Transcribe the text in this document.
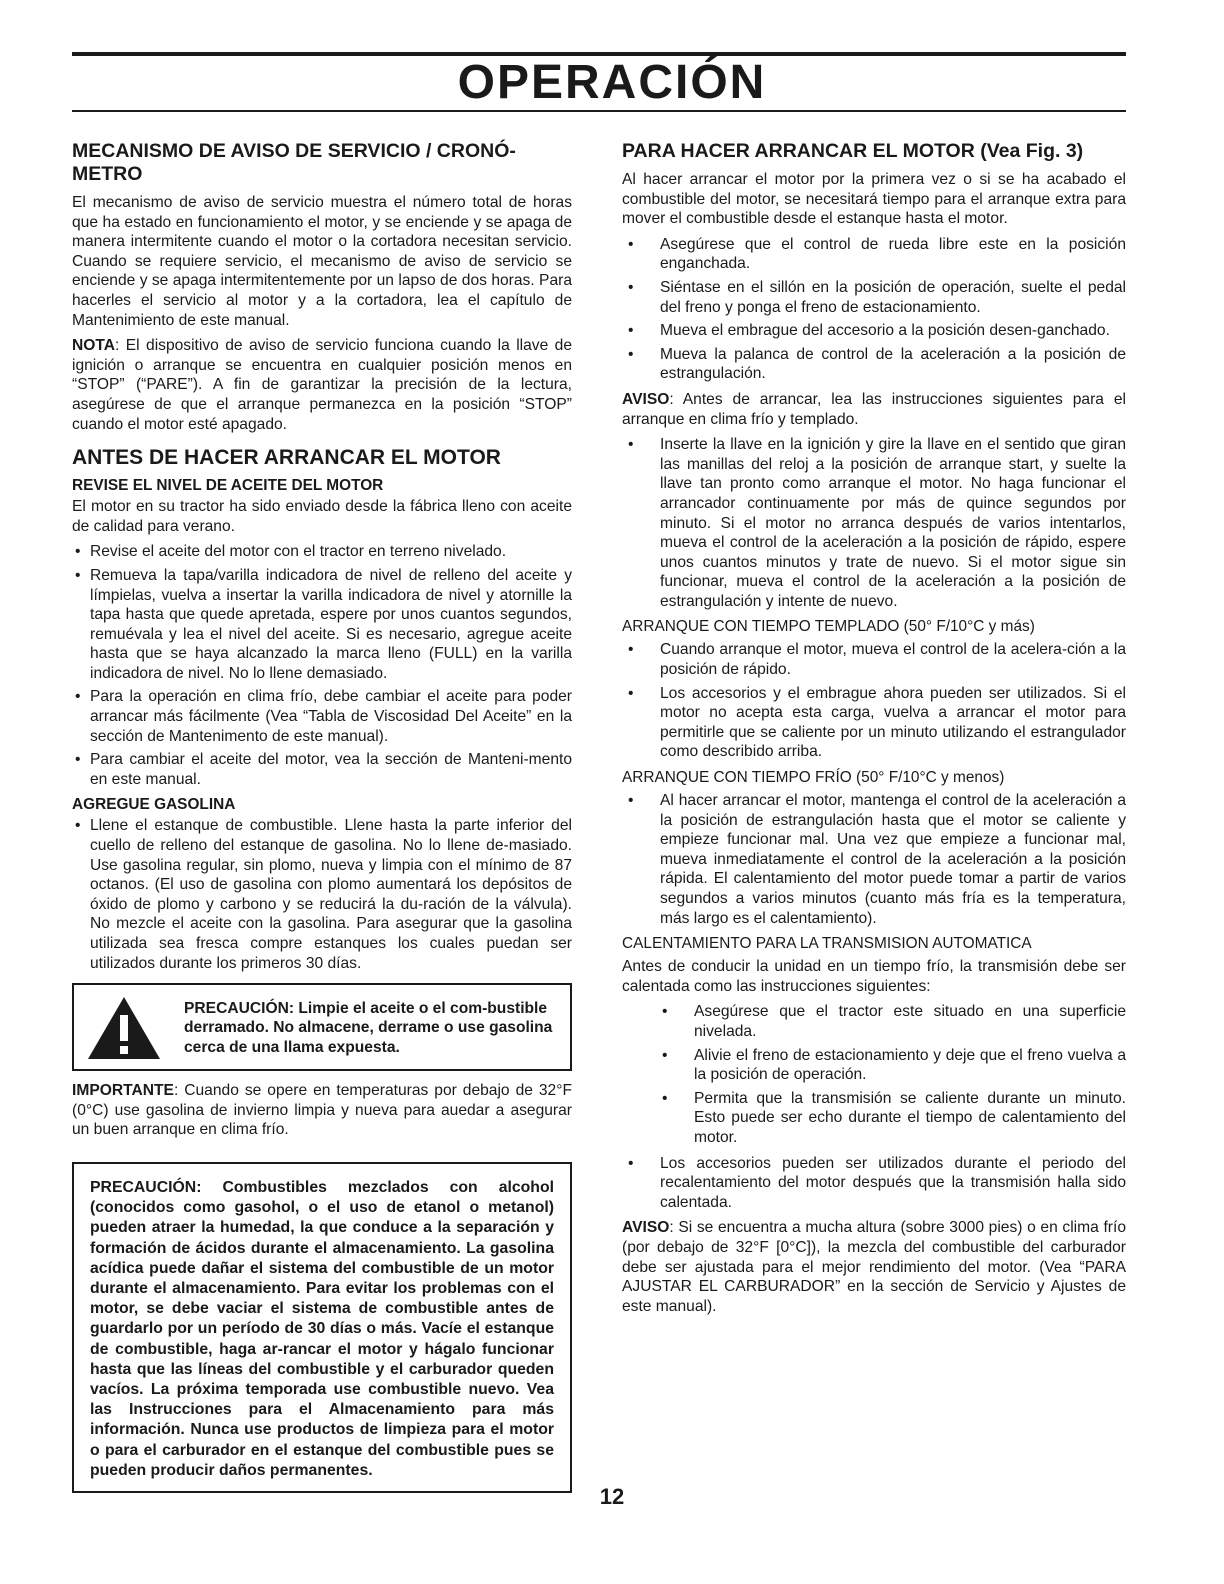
OPERACIÓN
MECANISMO DE AVISO DE SERVICIO / CRONÓ-METRO

El mecanismo de aviso de servicio muestra el número total de horas que ha estado en funcionamiento el motor, y se enciende y se apaga de manera intermitente cuando el motor o la cortadora necesitan servicio. Cuando se requiere servicio, el mecanismo de aviso de servicio se enciende y se apaga intermitentemente por un lapso de dos horas. Para hacerles el servicio al motor y a la cortadora, lea el capítulo de Mantenimiento de este manual.

NOTA: El dispositivo de aviso de servicio funciona cuando la llave de ignición o arranque se encuentra en cualquier posición menos en “STOP” (“PARE”). A fin de garantizar la precisión de la lectura, asegúrese de que el arranque permanezca en la posición “STOP” cuando el motor esté apagado.

ANTES DE HACER ARRANCAR EL MOTOR
REVISE EL NIVEL DE ACEITE DEL MOTOR

El motor en su tractor ha sido enviado desde la fábrica lleno con aceite de calidad para verano.

• Revise el aceite del motor con el tractor en terreno nivelado.
• Remueva la tapa/varilla indicadora de nivel de relleno del aceite y límpielas, vuelva a insertar la varilla indicadora de nivel y atornille la tapa hasta que quede apretada, espere por unos cuantos segundos, remuévala y lea el nivel del aceite. Si es necesario, agregue aceite hasta que se haya alcanzado la marca lleno (FULL) en la varilla indicadora de nivel. No lo llene demasiado.
• Para la operación en clima frío, debe cambiar el aceite para poder arrancar más fácilmente (Vea “Tabla de Viscosidad Del Aceite” en la sección de Mantenimento de este manual).
• Para cambiar el aceite del motor, vea la sección de Manteni-mento en este manual.
AGREGUE GASOLINA
• Llene el estanque de combustible. Llene hasta la parte inferior del cuello de relleno del estanque de gasolina. No lo llene de-masiado. Use gasolina regular, sin plomo, nueva y limpia con el mínimo de 87 octanos. (El uso de gasolina con plomo aumentará los depósitos de óxido de plomo y carbono y se reducirá la du-ración de la válvula). No mezcle el aceite con la gasolina. Para asegurar que la gasolina utilizada sea fresca compre estanques los cuales puedan ser utilizados durante los primeros 30 días.
PRECAUCIÓN: Limpie el aceite o el com-bustible derramado. No almacene, derrame o use gasolina cerca de una llama expuesta.

IMPORTANTE: Cuando se opere en temperaturas por debajo de 32°F (0°C) use gasolina de invierno limpia y nueva para auedar a asegurar un buen arranque en clima frío.

PRECAUCIÓN: Combustibles mezclados con alcohol (conocidos como gasohol, o el uso de etanol o metanol) pueden atraer la humedad, la que conduce a la separación y formación de ácidos durante el almacenamiento. La gasolina acídica puede dañar el sistema del combustible de un motor durante el almacenamiento. Para evitar los problemas con el motor, se debe vaciar el sistema de combustible antes de guardarlo por un período de 30 días o más. Vacíe el estanque de combustible, haga ar-rancar el motor y hágalo funcionar hasta que las líneas del combustible y el carburador queden vacíos. La próxima temporada use combustible nuevo. Vea las Instrucciones para el Almacenamiento para más información. Nunca use productos de limpieza para el motor o para el carburador en el estanque del combustible pues se pueden producir daños permanentes.
PARA HACER ARRANCAR EL MOTOR (Vea Fig. 3)

Al hacer arrancar el motor por la primera vez o si se ha acabado el combustible del motor, se necesitará tiempo para el arranque extra para mover el combustible desde el estanque hasta el motor.

• Asegúrese que el control de rueda libre este en la posición enganchada.
• Siéntase en el sillón en la posición de operación, suelte el pedal del freno y ponga el freno de estacionamiento.
• Mueva el embrague del accesorio a la posición desen-ganchado.
• Mueva la palanca de control de la aceleración a la posición de estrangulación.

AVISO: Antes de arrancar, lea las instrucciones siguientes para el arranque en clima frío y templado.

• Inserte la llave en la ignición y gire la llave en el sentido que giran las manillas del reloj a la posición de arranque start, y suelte la llave tan pronto como arranque el motor. No haga funcionar el arrancador continuamente por más de quince segundos por minuto. Si el motor no arranca después de varios intentarlos, mueva el control de la aceleración a la posición de rápido, espere unos cuantos minutos y trate de nuevo. Si el motor sigue sin funcionar, mueva el control de la aceleración a la posición de estrangulación y intente de nuevo.
ARRANQUE CON TIEMPO TEMPLADO (50° F/10°C y más)
• Cuando arranque el motor, mueva el control de la acelera-ción a la posición de rápido.
• Los accesorios y el embrague ahora pueden ser utilizados. Si el motor no acepta esta carga, vuelva a arrancar el motor para permitirle que se caliente por un minuto utilizando el estrangulador como describido arriba.
ARRANQUE CON TIEMPO FRÍO (50° F/10°C y menos)
• Al hacer arrancar el motor, mantenga el control de la aceleración a la posición de estrangulación hasta que el motor se caliente y empieze funcionar mal. Una vez que empieze a funcionar mal, mueva inmediatamente el control de la aceleración a la posición rápida. El calentamiento del motor puede tomar a partir de varios segundos a varios minutos (cuanto más fría es la temperatura, más largo es el calentamiento).
CALENTAMIENTO PARA LA TRANSMISION AUTOMATICA

Antes de conducir la unidad en un tiempo frío, la transmisión debe ser calentada como las instrucciones siguientes:

• Asegúrese que el tractor este situado en una superficie nivelada.
• Alivie el freno de estacionamiento y deje que el freno vuelva a la posición de operación.
• Permita que la transmisión se caliente durante un minuto. Esto puede ser echo durante el tiempo de calentamiento del motor.
• Los accesorios pueden ser utilizados durante el periodo del recalentamiento del motor después que la transmisión halla sido calentada.

AVISO: Si se encuentra a mucha altura (sobre 3000 pies) o en clima frío (por debajo de 32°F [0°C]), la mezcla del combustible del carburador debe ser ajustada para el mejor rendimiento del motor. (Vea “PARA AJUSTAR EL CARBURADOR” en la sección de Servicio y Ajustes de este manual).

12
